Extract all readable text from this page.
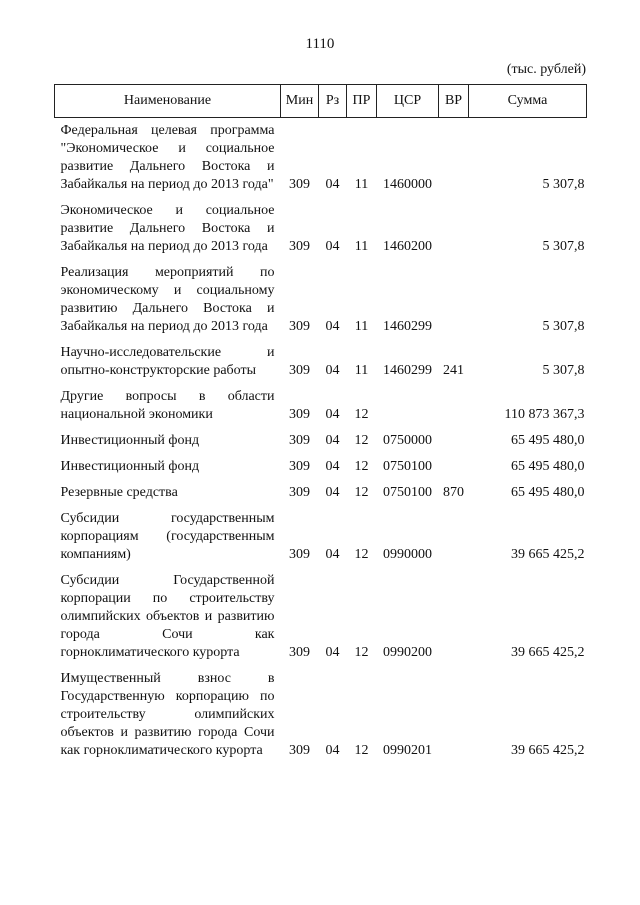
1110
(тыс. рублей)
Наименование	Мин	Рз	ПР	ЦСР	ВР	Сумма
Федеральная целевая программа "Экономическое и социальное развитие Дальнего Востока и Забайкалья на период до 2013 года"	309	04	11	1460000		5 307,8
Экономическое и социальное развитие Дальнего Востока и Забайкалья на период до 2013 года	309	04	11	1460200		5 307,8
Реализация мероприятий по экономическому и социальному развитию Дальнего Востока и Забайкалья на период до 2013 года	309	04	11	1460299		5 307,8
Научно-исследовательские и опытно-конструкторские работы	309	04	11	1460299	241	5 307,8
Другие вопросы в области национальной экономики	309	04	12			110 873 367,3
Инвестиционный фонд	309	04	12	0750000		65 495 480,0
Инвестиционный фонд	309	04	12	0750100		65 495 480,0
Резервные средства	309	04	12	0750100	870	65 495 480,0
Субсидии государственным корпорациям (государственным компаниям)	309	04	12	0990000		39 665 425,2
Субсидии Государственной корпорации по строительству олимпийских объектов и развитию города Сочи как горноклиматического курорта	309	04	12	0990200		39 665 425,2
Имущественный взнос в Государственную корпорацию по строительству олимпийских объектов и развитию города Сочи как горноклиматического курорта	309	04	12	0990201		39 665 425,2
